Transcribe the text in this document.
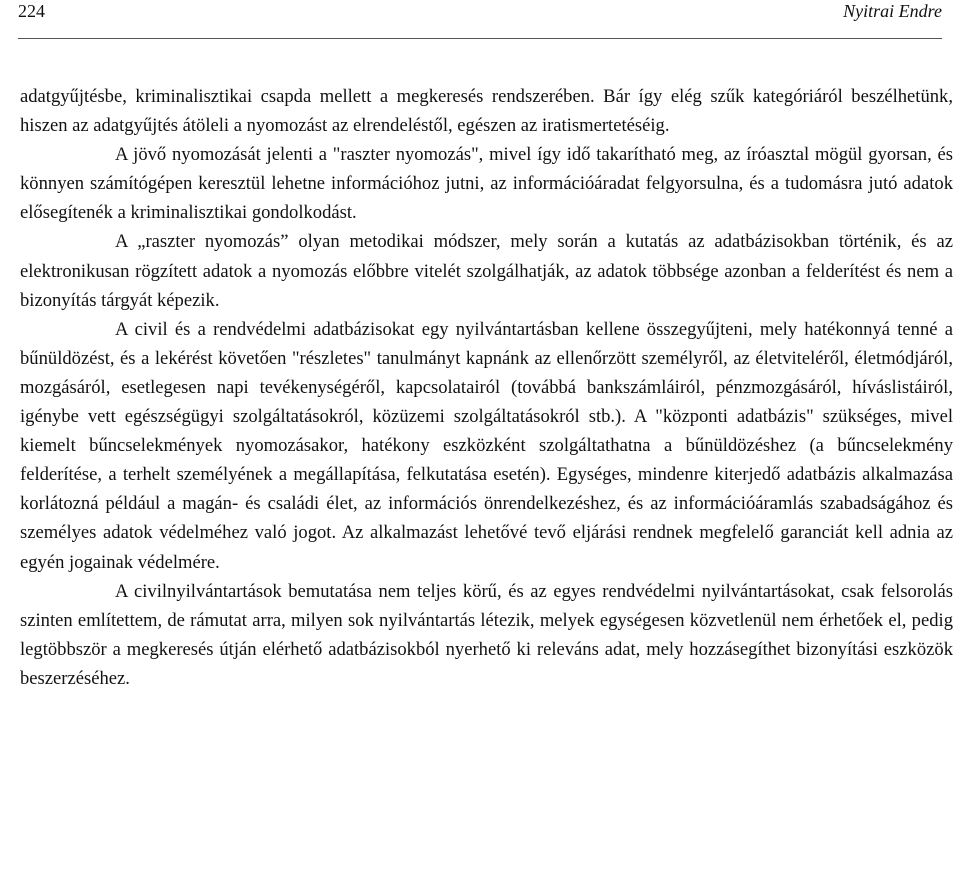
224	Nyitrai Endre

adatgyűjtésbe, kriminalisztikai csapda mellett a megkeresés rendszerében. Bár így elég szűk kategóriáról beszélhetünk, hiszen az adatgyűjtés átöleli a nyomozást az elrendeléstől, egészen az iratismertetéséig.

A jövő nyomozását jelenti a "raszter nyomozás", mivel így idő takarítható meg, az íróasztal mögül gyorsan, és könnyen számítógépen keresztül lehetne információhoz jutni, az információáradat felgyorsulna, és a tudomásra jutó adatok elősegítenék a kriminalisztikai gondolkodást.

A „raszter nyomozás” olyan metodikai módszer, mely során a kutatás az adatbázisokban történik, és az elektronikusan rögzített adatok a nyomozás előbbre vitelét szolgálhatják, az adatok többsége azonban a felderítést és nem a bizonyítás tárgyát képezik.

A civil és a rendvédelmi adatbázisokat egy nyilvántartásban kellene összegyűjteni, mely hatékonnyá tenné a bűnüldözést, és a lekérést követően "részletes" tanulmányt kapnánk az ellenőrzött személyről, az életviteléről, életmódjáról, mozgásáról, esetlegesen napi tevékenységéről, kapcsolatairól (továbbá bankszámláiról, pénzmozgásáról, híváslistáiról, igénybe vett egészségügyi szolgáltatásokról, közüzemi szolgáltatásokról stb.). A "központi adatbázis" szükséges, mivel kiemelt bűncselekmények nyomozásakor, hatékony eszközként szolgáltathatna a bűnüldözéshez (a bűncselekmény felderítése, a terhelt személyének a megállapítása, felkutatása esetén). Egységes, mindenre kiterjedő adatbázis alkalmazása korlátozná például a magán- és családi élet, az információs önrendelkezéshez, és az információáramlás szabadságához és személyes adatok védelméhez való jogot. Az alkalmazást lehetővé tevő eljárási rendnek megfelelő garanciát kell adnia az egyén jogainak védelmére.

A civilnyilvántartások bemutatása nem teljes körű, és az egyes rendvédelmi nyilvántartásokat, csak felsorolás szinten említettem, de rámutat arra, milyen sok nyilvántartás létezik, melyek egységesen közvetlenül nem érhetőek el, pedig legtöbbször a megkeresés útján elérhető adatbázisokból nyerhető ki releváns adat, mely hozzásegíthet bizonyítási eszközök beszerzéséhez.
